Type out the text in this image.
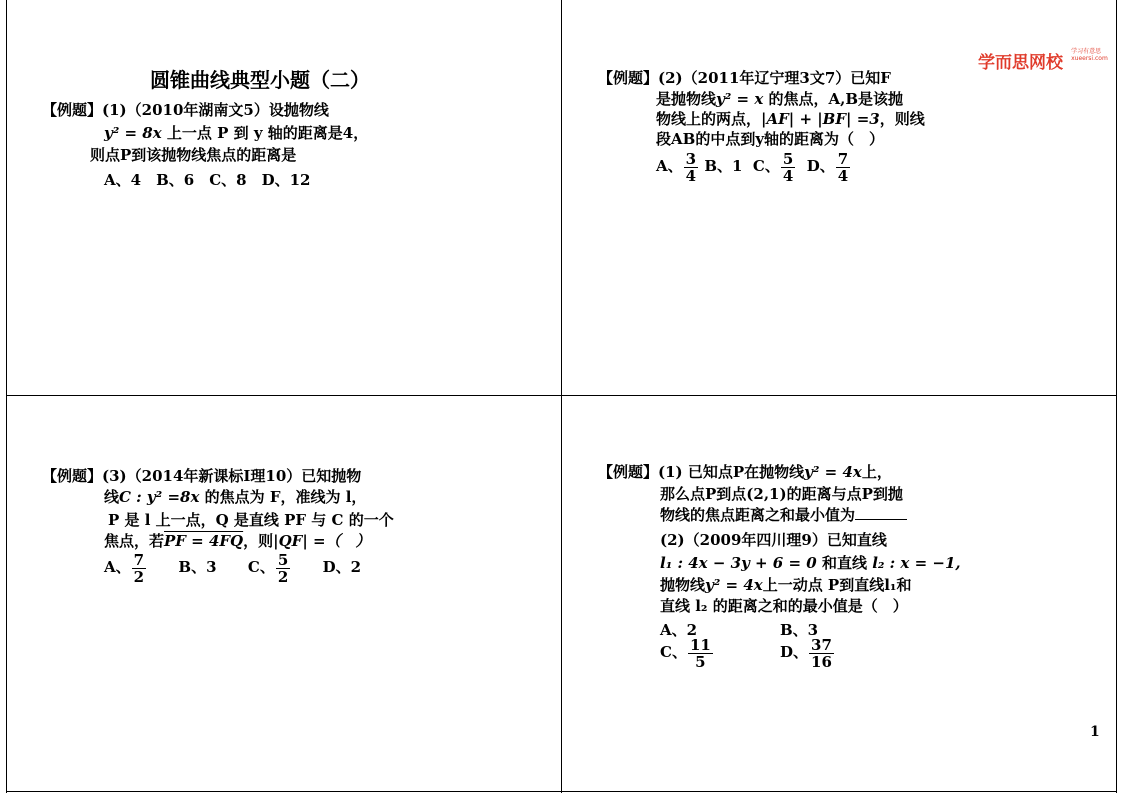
学而思网校 学习有意思
xueersi.com
圆锥曲线典型小题（二）
【例题】(1)（2010年湖南文5）设抛物线
y² = 8x 上一点 P 到 y 轴的距离是4，
则点P到该抛物线焦点的距离是
A、4　B、6　C、8　D、12
【例题】(2)（2011年辽宁理3文7）已知F
是抛物线y² = x 的焦点，A,B是该抛
物线上的两点，|AF| + |BF| =3，则线
段AB的中点到y轴的距离为（　）
A、 $\frac{3}{4}$ B、1 C、 $\frac{5}{4}$ D、 $\frac{7}{4}$
【例题】(3)（2014年新课标Ⅰ理10）已知抛物
线C : y² =8x 的焦点为 F，准线为 l，
P 是 l 上一点，Q 是直线 PF 与 C 的一个
焦点，若PF = 4FQ，则|QF| =（　）
A、 $\frac{7}{2}$ B、3 C、 $\frac{5}{2}$ D、2
【例题】(1) 已知点P在抛物线y² = 4x上，
那么点P到点(2,1)的距离与点P到抛
物线的焦点距离之和最小值为
(2)（2009年四川理9）已知直线
l₁ : 4x − 3y + 6 = 0 和直线 l₂ : x = −1,
抛物线y² = 4x上一动点 P到直线l₁和
直线 l₂ 的距离之和的最小值是（　）
A、2	B、3
C、 $\frac{11}{5}$	D、 $\frac{37}{16}$
1
